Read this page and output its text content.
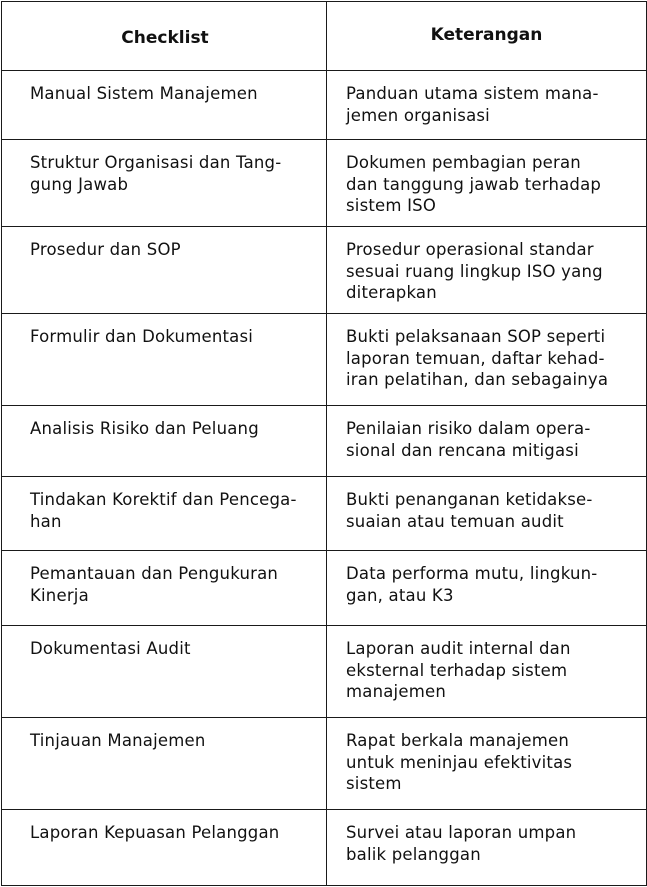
Checklist	Keterangan

Manual Sistem Manajemen	Panduan utama sistem mana-
jemen organisasi

Struktur Organisasi dan Tang-
gung Jawab	Dokumen pembagian peran
dan tanggung jawab terhadap
sistem ISO

Prosedur dan SOP	Prosedur operasional standar
sesuai ruang lingkup ISO yang
diterapkan

Formulir dan Dokumentasi	Bukti pelaksanaan SOP seperti
laporan temuan, daftar kehad-
iran pelatihan, dan sebagainya

Analisis Risiko dan Peluang	Penilaian risiko dalam opera-
sional dan rencana mitigasi

Tindakan Korektif dan Pencega-
han	Bukti penanganan ketidakse-
suaian atau temuan audit

Pemantauan dan Pengukuran
Kinerja	Data performa mutu, lingkun-
gan, atau K3

Dokumentasi Audit	Laporan audit internal dan
eksternal terhadap sistem
manajemen

Tinjauan Manajemen	Rapat berkala manajemen
untuk meninjau efektivitas
sistem

Laporan Kepuasan Pelanggan	Survei atau laporan umpan
balik pelanggan
